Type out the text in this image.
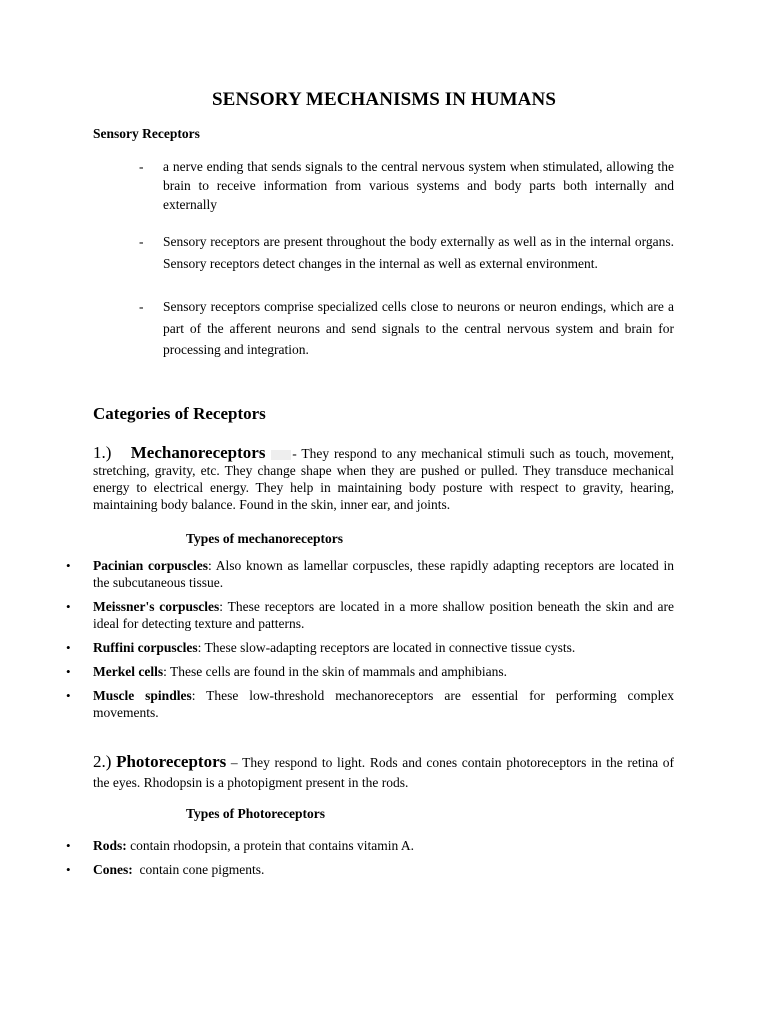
SENSORY MECHANISMS IN HUMANS
Sensory Receptors
- a nerve ending that sends signals to the central nervous system when stimulated, allowing the brain to receive information from various systems and body parts both internally and externally
- Sensory receptors are present throughout the body externally as well as in the internal organs. Sensory receptors detect changes in the internal as well as external environment.
- Sensory receptors comprise specialized cells close to neurons or neuron endings, which are a part of the afferent neurons and send signals to the central nervous system and brain for processing and integration.
Categories of Receptors
1.) Mechanoreceptors - They respond to any mechanical stimuli such as touch, movement, stretching, gravity, etc. They change shape when they are pushed or pulled. They transduce mechanical energy to electrical energy. They help in maintaining body posture with respect to gravity, hearing, maintaining body balance. Found in the skin, inner ear, and joints.
Types of mechanoreceptors
• Pacinian corpuscles: Also known as lamellar corpuscles, these rapidly adapting receptors are located in the subcutaneous tissue.
• Meissner's corpuscles: These receptors are located in a more shallow position beneath the skin and are ideal for detecting texture and patterns.
• Ruffini corpuscles: These slow-adapting receptors are located in connective tissue cysts.
• Merkel cells: These cells are found in the skin of mammals and amphibians.
• Muscle spindles: These low-threshold mechanoreceptors are essential for performing complex movements.
2.) Photoreceptors – They respond to light. Rods and cones contain photoreceptors in the retina of the eyes. Rhodopsin is a photopigment present in the rods.
Types of Photoreceptors
• Rods: contain rhodopsin, a protein that contains vitamin A.
• Cones:  contain cone pigments.
